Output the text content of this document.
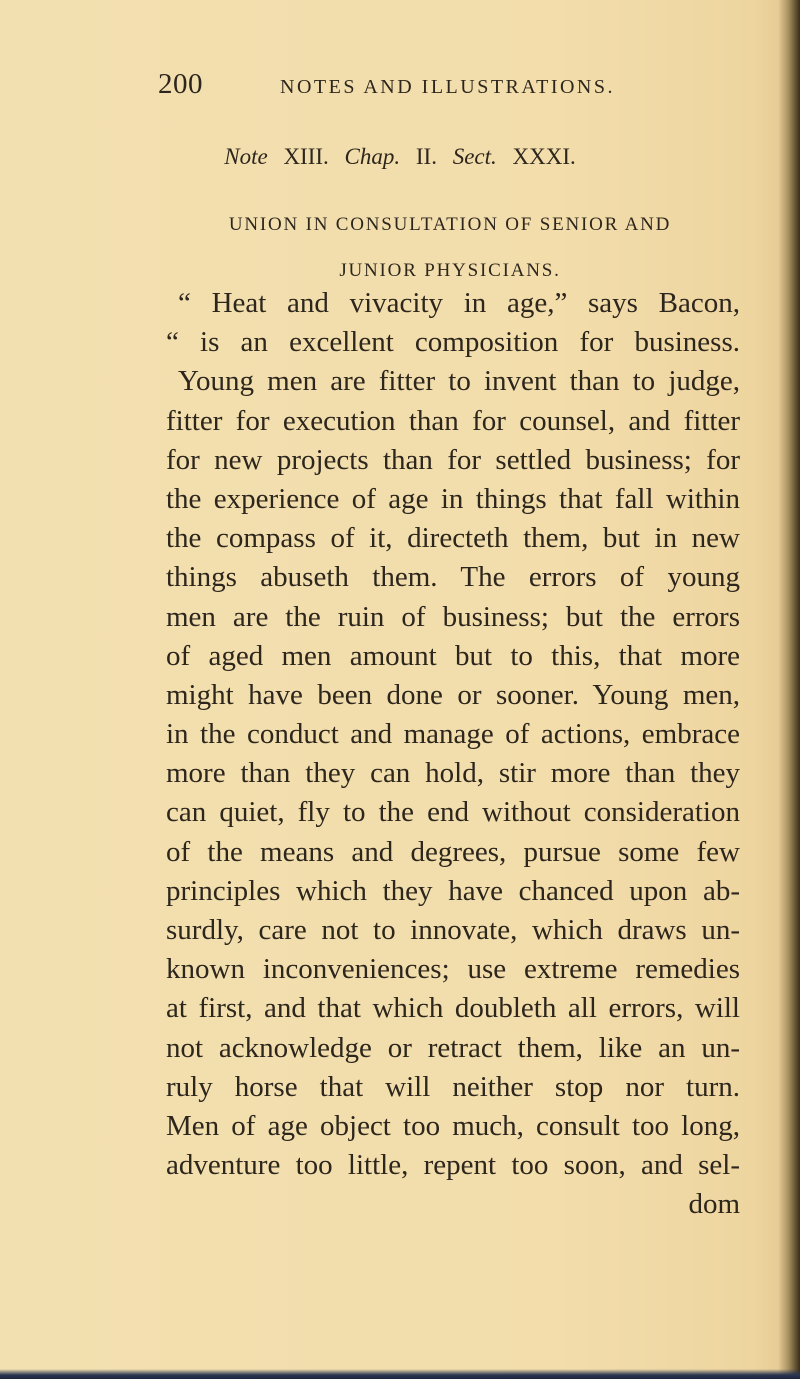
200	NOTES AND ILLUSTRATIONS.
Note XIII. Chap. II. Sect. XXXI.
UNION IN CONSULTATION OF SENIOR AND
JUNIOR PHYSICIANS.
“ Heat and vivacity in age,” says Bacon,
“ is an excellent composition for business.
Young men are fitter to invent than to judge,
fitter for execution than for counsel, and fitter
for new projects than for settled business; for
the experience of age in things that fall within
the compass of it, directeth them, but in new
things abuseth them. The errors of young
men are the ruin of business; but the errors
of aged men amount but to this, that more
might have been done or sooner. Young men,
in the conduct and manage of actions, embrace
more than they can hold, stir more than they
can quiet, fly to the end without consideration
of the means and degrees, pursue some few
principles which they have chanced upon ab-
surdly, care not to innovate, which draws un-
known inconveniences; use extreme remedies
at first, and that which doubleth all errors, will
not acknowledge or retract them, like an un-
ruly horse that will neither stop nor turn.
Men of age object too much, consult too long,
adventure too little, repent too soon, and sel-
dom
